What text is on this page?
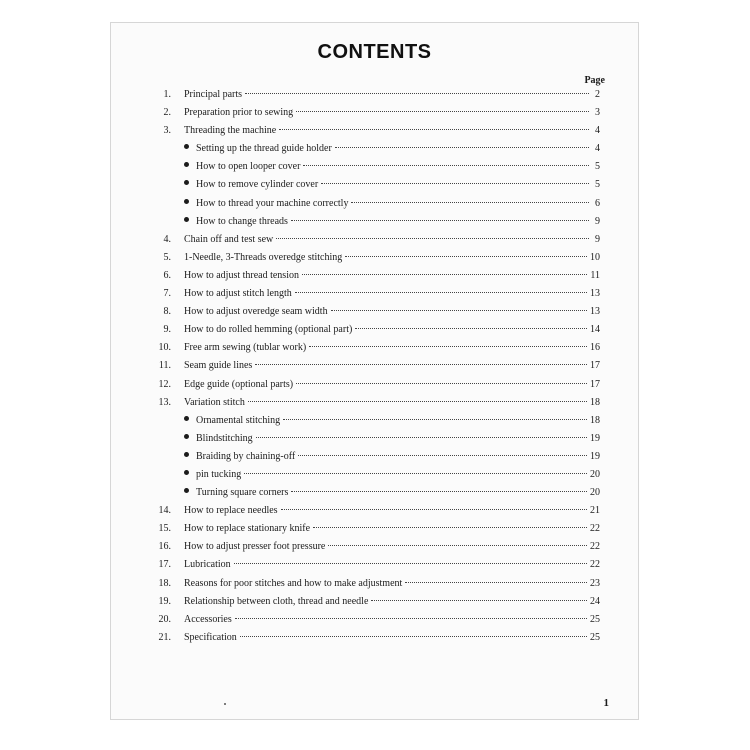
CONTENTS
Page
1. Principal parts	2
2. Preparation prior to sewing	3
3. Threading the machine	4
Setting up the thread guide holder	4
How to open looper cover	5
How to remove cylinder cover	5
How to thread your machine correctly	6
How to change threads	9
4. Chain off and test sew	9
5. 1-Needle, 3-Threads overedge stitching	10
6. How to adjust thread tension	11
7. How to adjust stitch length	13
8. How to adjust overedge seam width	13
9. How to do rolled hemming (optional part)	14
10. Free arm sewing (tublar work)	16
11. Seam guide lines	17
12. Edge guide (optional parts)	17
13. Variation stitch	18
Ornamental stitching	18
Blindstitching	19
Braiding by chaining-off	19
pin tucking	20
Turning square corners	20
14. How to replace needles	21
15. How to replace stationary knife	22
16. How to adjust presser foot pressure	22
17. Lubrication	22
18. Reasons for poor stitches and how to make adjustment	23
19. Relationship between cloth, thread and needle	24
20. Accessories	25
21. Specification	25
1
